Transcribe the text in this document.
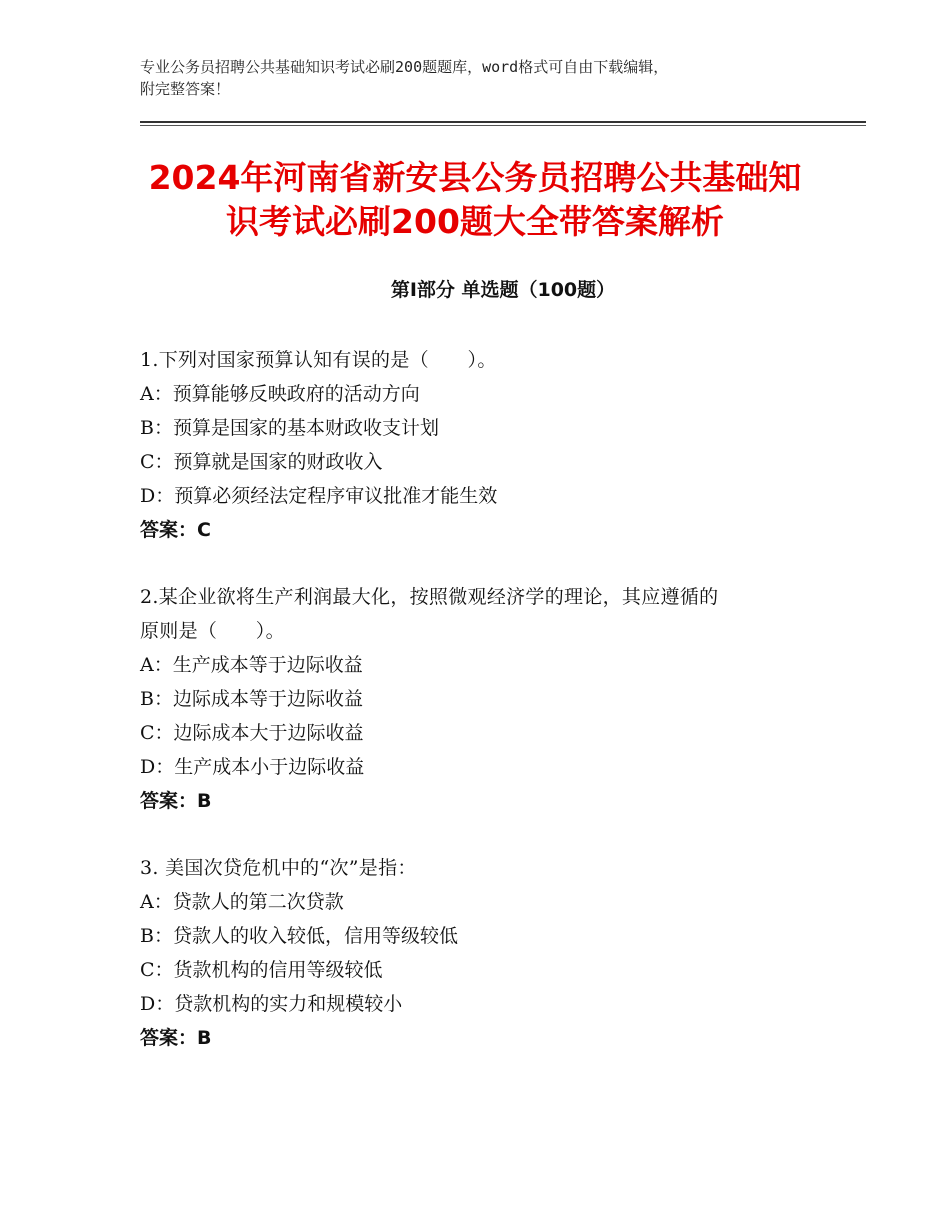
专业公务员招聘公共基础知识考试必刷200题题库，word格式可自由下载编辑，
附完整答案！
2024年河南省新安县公务员招聘公共基础知
识考试必刷200题大全带答案解析
第Ⅰ部分 单选题（100题）
1.下列对国家预算认知有误的是（　　）。
A：预算能够反映政府的活动方向
B：预算是国家的基本财政收支计划
C：预算就是国家的财政收入
D：预算必须经法定程序审议批准才能生效
答案：C
2.某企业欲将生产利润最大化，按照微观经济学的理论，其应遵循的
原则是（　　）。
A：生产成本等于边际收益
B：边际成本等于边际收益
C：边际成本大于边际收益
D：生产成本小于边际收益
答案：B
3. 美国次贷危机中的“次”是指：
A：贷款人的第二次贷款
B：贷款人的收入较低，信用等级较低
C：货款机构的信用等级较低
D：贷款机构的实力和规模较小
答案：B
